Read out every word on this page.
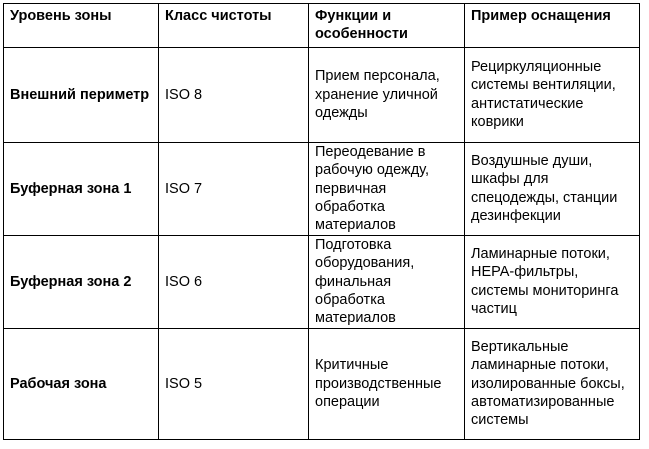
Уровень зоны	Класс чистоты	Функции и особенности	Пример оснащения
Внешний периметр	ISO 8	Прием персонала, хранение уличной одежды	Рециркуляционные системы вентиляции, антистатические коврики
Буферная зона 1	ISO 7	Переодевание в рабочую одежду, первичная обработка материалов	Воздушные души, шкафы для спецодежды, станции дезинфекции
Буферная зона 2	ISO 6	Подготовка оборудования, финальная обработка материалов	Ламинарные потоки, HEPA-фильтры, системы мониторинга частиц
Рабочая зона	ISO 5	Критичные производственные операции	Вертикальные ламинарные потоки, изолированные боксы, автоматизированные системы
